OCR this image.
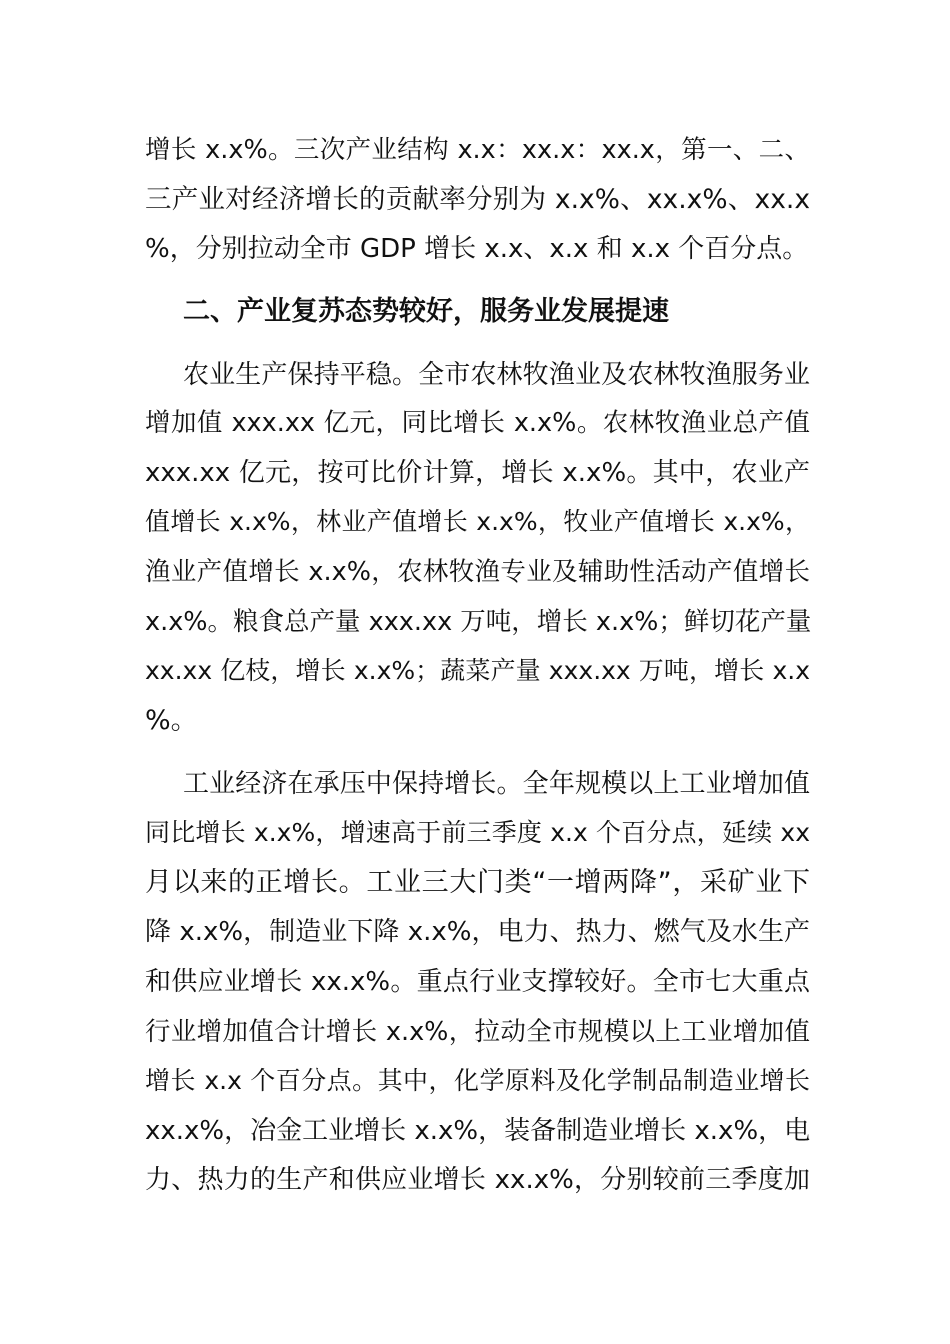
增长 x.x%。三次产业结构 x.x：xx.x：xx.x，第一、二、
三产业对经济增长的贡献率分别为 x.x%、xx.x%、xx.x
%，分别拉动全市 GDP 增长 x.x、x.x 和 x.x 个百分点。
二、产业复苏态势较好，服务业发展提速
农业生产保持平稳。全市农林牧渔业及农林牧渔服务业
增加值 xxx.xx 亿元，同比增长 x.x%。农林牧渔业总产值
xxx.xx 亿元，按可比价计算，增长 x.x%。其中，农业产
值增长 x.x%，林业产值增长 x.x%，牧业产值增长 x.x%，
渔业产值增长 x.x%，农林牧渔专业及辅助性活动产值增长
x.x%。粮食总产量 xxx.xx 万吨，增长 x.x%；鲜切花产量
xx.xx 亿枝，增长 x.x%；蔬菜产量 xxx.xx 万吨，增长 x.x
%。
工业经济在承压中保持增长。全年规模以上工业增加值
同比增长 x.x%，增速高于前三季度 x.x 个百分点，延续 xx
月以来的正增长。工业三大门类“一增两降”，采矿业下
降 x.x%，制造业下降 x.x%，电力、热力、燃气及水生产
和供应业增长 xx.x%。重点行业支撑较好。全市七大重点
行业增加值合计增长 x.x%，拉动全市规模以上工业增加值
增长 x.x 个百分点。其中，化学原料及化学制品制造业增长
xx.x%，冶金工业增长 x.x%，装备制造业增长 x.x%，电
力、热力的生产和供应业增长 xx.x%，分别较前三季度加
